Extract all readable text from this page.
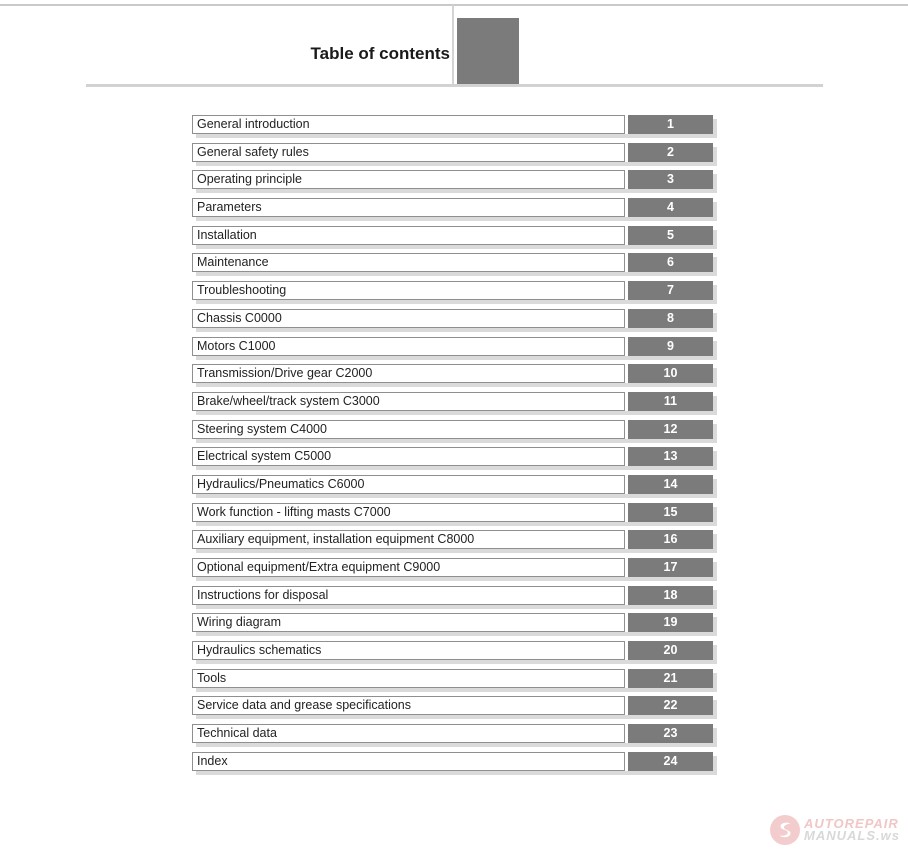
Table of contents
General introduction	1
General safety rules	2
Operating principle	3
Parameters	4
Installation	5
Maintenance	6
Troubleshooting	7
Chassis C0000	8
Motors C1000	9
Transmission/Drive gear C2000	10
Brake/wheel/track system C3000	11
Steering system C4000	12
Electrical system C5000	13
Hydraulics/Pneumatics C6000	14
Work function - lifting masts C7000	15
Auxiliary equipment, installation equipment C8000	16
Optional equipment/Extra equipment C9000	17
Instructions for disposal	18
Wiring diagram	19
Hydraulics schematics	20
Tools	21
Service data and grease specifications	22
Technical data	23
Index	24
AUTOREPAIR
MANUALS.ws
